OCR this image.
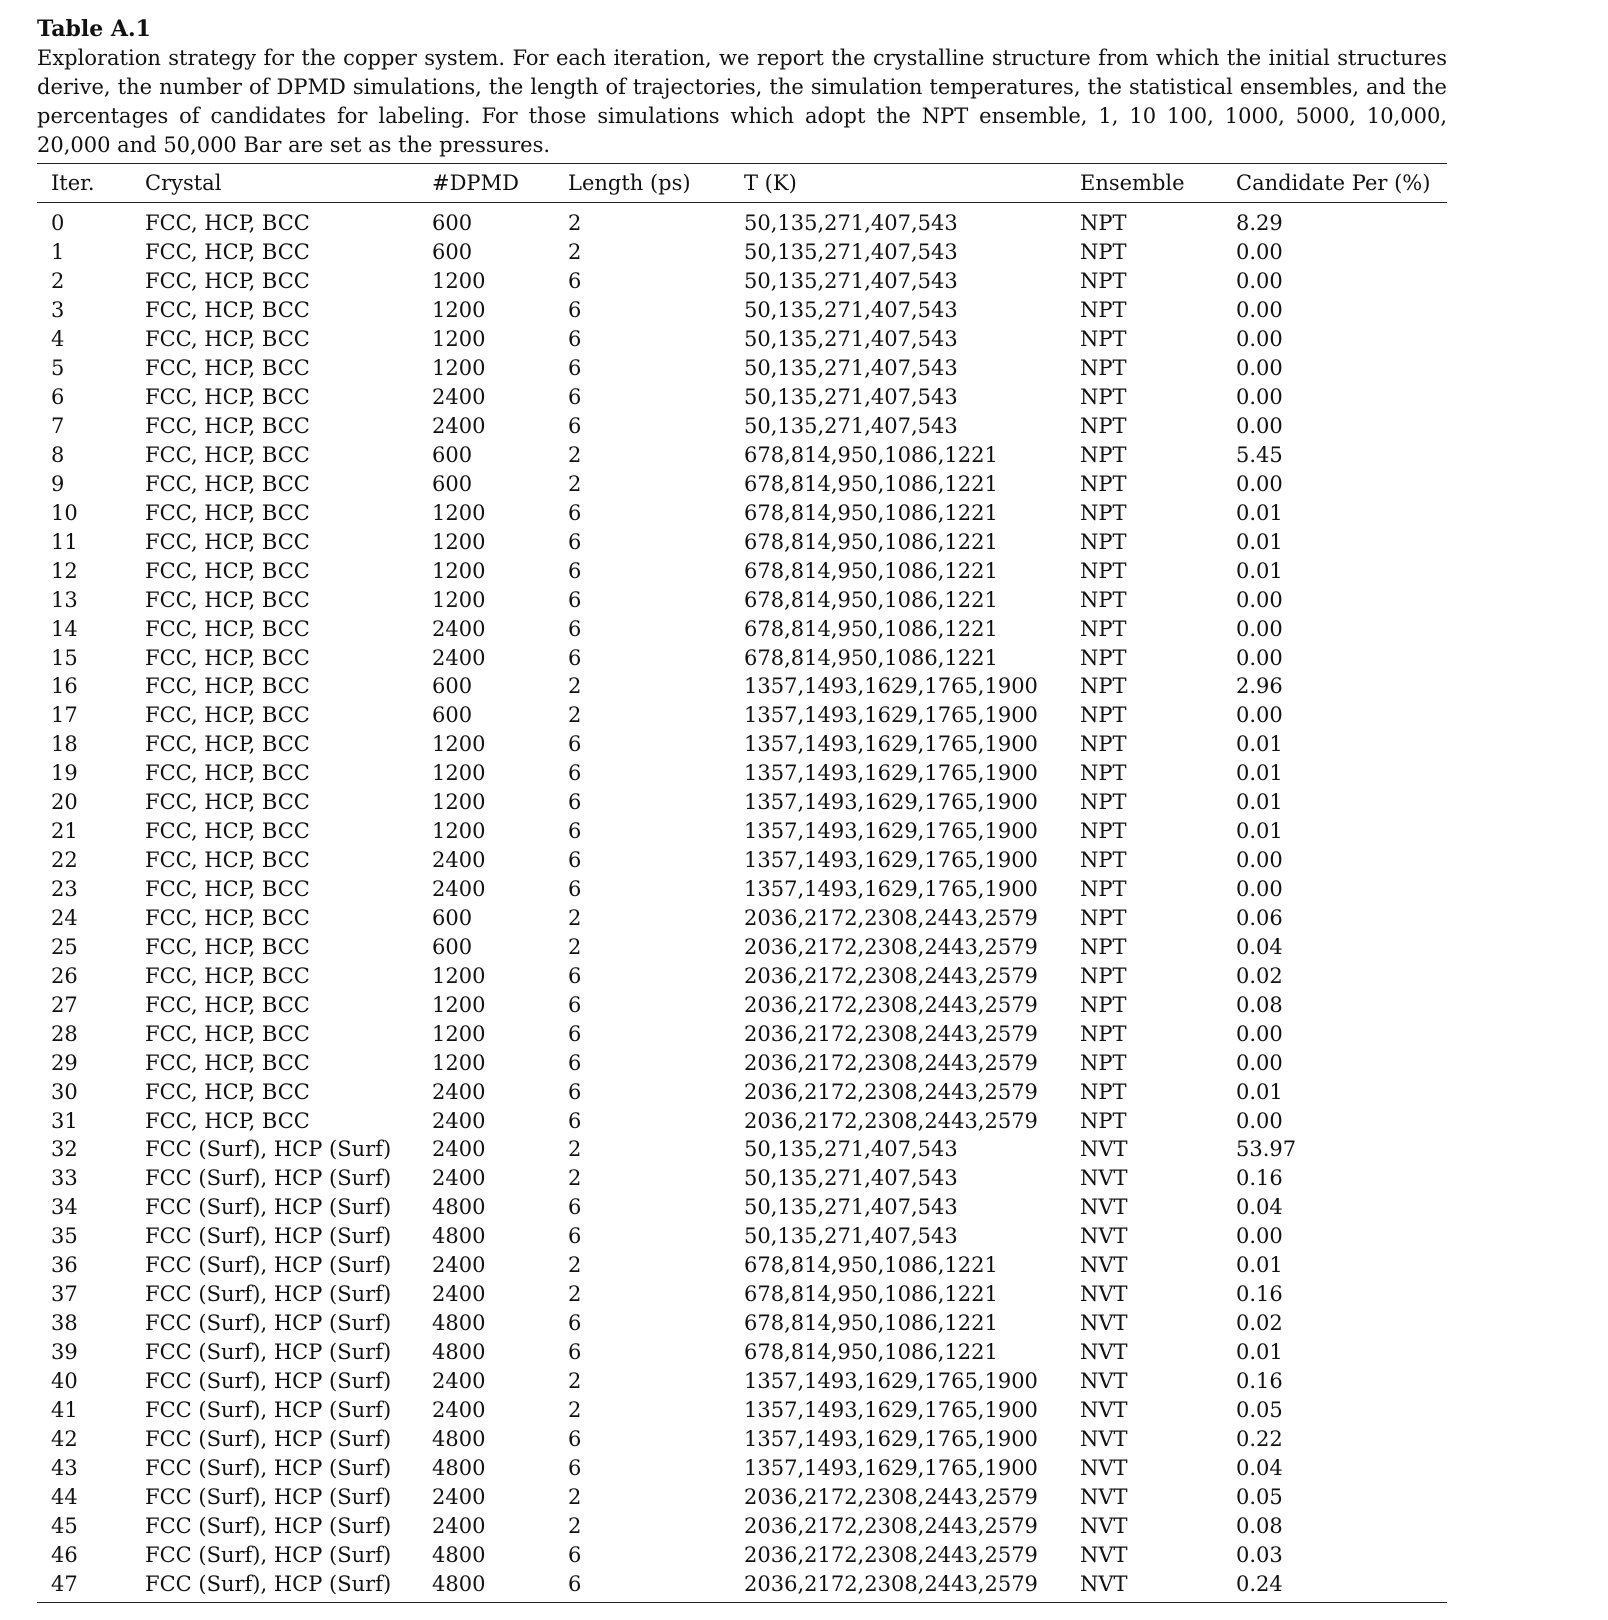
Table A.1

Exploration strategy for the copper system. For each iteration, we report the crystalline structure from which the initial structures derive, the number of DPMD simulations, the length of trajectories, the simulation temperatures, the statistical ensembles, and the percentages of candidates for labeling. For those simulations which adopt the NPT ensemble, 1, 10 100, 1000, 5000, 10,000, 20,000 and 50,000 Bar are set as the pressures.

Iter.	Crystal	#DPMD	Length (ps)	T (K)	Ensemble	Candidate Per (%)
0	FCC, HCP, BCC	600	2	50,135,271,407,543	NPT	8.29
1	FCC, HCP, BCC	600	2	50,135,271,407,543	NPT	0.00
2	FCC, HCP, BCC	1200	6	50,135,271,407,543	NPT	0.00
3	FCC, HCP, BCC	1200	6	50,135,271,407,543	NPT	0.00
4	FCC, HCP, BCC	1200	6	50,135,271,407,543	NPT	0.00
5	FCC, HCP, BCC	1200	6	50,135,271,407,543	NPT	0.00
6	FCC, HCP, BCC	2400	6	50,135,271,407,543	NPT	0.00
7	FCC, HCP, BCC	2400	6	50,135,271,407,543	NPT	0.00
8	FCC, HCP, BCC	600	2	678,814,950,1086,1221	NPT	5.45
9	FCC, HCP, BCC	600	2	678,814,950,1086,1221	NPT	0.00
10	FCC, HCP, BCC	1200	6	678,814,950,1086,1221	NPT	0.01
11	FCC, HCP, BCC	1200	6	678,814,950,1086,1221	NPT	0.01
12	FCC, HCP, BCC	1200	6	678,814,950,1086,1221	NPT	0.01
13	FCC, HCP, BCC	1200	6	678,814,950,1086,1221	NPT	0.00
14	FCC, HCP, BCC	2400	6	678,814,950,1086,1221	NPT	0.00
15	FCC, HCP, BCC	2400	6	678,814,950,1086,1221	NPT	0.00
16	FCC, HCP, BCC	600	2	1357,1493,1629,1765,1900	NPT	2.96
17	FCC, HCP, BCC	600	2	1357,1493,1629,1765,1900	NPT	0.00
18	FCC, HCP, BCC	1200	6	1357,1493,1629,1765,1900	NPT	0.01
19	FCC, HCP, BCC	1200	6	1357,1493,1629,1765,1900	NPT	0.01
20	FCC, HCP, BCC	1200	6	1357,1493,1629,1765,1900	NPT	0.01
21	FCC, HCP, BCC	1200	6	1357,1493,1629,1765,1900	NPT	0.01
22	FCC, HCP, BCC	2400	6	1357,1493,1629,1765,1900	NPT	0.00
23	FCC, HCP, BCC	2400	6	1357,1493,1629,1765,1900	NPT	0.00
24	FCC, HCP, BCC	600	2	2036,2172,2308,2443,2579	NPT	0.06
25	FCC, HCP, BCC	600	2	2036,2172,2308,2443,2579	NPT	0.04
26	FCC, HCP, BCC	1200	6	2036,2172,2308,2443,2579	NPT	0.02
27	FCC, HCP, BCC	1200	6	2036,2172,2308,2443,2579	NPT	0.08
28	FCC, HCP, BCC	1200	6	2036,2172,2308,2443,2579	NPT	0.00
29	FCC, HCP, BCC	1200	6	2036,2172,2308,2443,2579	NPT	0.00
30	FCC, HCP, BCC	2400	6	2036,2172,2308,2443,2579	NPT	0.01
31	FCC, HCP, BCC	2400	6	2036,2172,2308,2443,2579	NPT	0.00
32	FCC (Surf), HCP (Surf)	2400	2	50,135,271,407,543	NVT	53.97
33	FCC (Surf), HCP (Surf)	2400	2	50,135,271,407,543	NVT	0.16
34	FCC (Surf), HCP (Surf)	4800	6	50,135,271,407,543	NVT	0.04
35	FCC (Surf), HCP (Surf)	4800	6	50,135,271,407,543	NVT	0.00
36	FCC (Surf), HCP (Surf)	2400	2	678,814,950,1086,1221	NVT	0.01
37	FCC (Surf), HCP (Surf)	2400	2	678,814,950,1086,1221	NVT	0.16
38	FCC (Surf), HCP (Surf)	4800	6	678,814,950,1086,1221	NVT	0.02
39	FCC (Surf), HCP (Surf)	4800	6	678,814,950,1086,1221	NVT	0.01
40	FCC (Surf), HCP (Surf)	2400	2	1357,1493,1629,1765,1900	NVT	0.16
41	FCC (Surf), HCP (Surf)	2400	2	1357,1493,1629,1765,1900	NVT	0.05
42	FCC (Surf), HCP (Surf)	4800	6	1357,1493,1629,1765,1900	NVT	0.22
43	FCC (Surf), HCP (Surf)	4800	6	1357,1493,1629,1765,1900	NVT	0.04
44	FCC (Surf), HCP (Surf)	2400	2	2036,2172,2308,2443,2579	NVT	0.05
45	FCC (Surf), HCP (Surf)	2400	2	2036,2172,2308,2443,2579	NVT	0.08
46	FCC (Surf), HCP (Surf)	4800	6	2036,2172,2308,2443,2579	NVT	0.03
47	FCC (Surf), HCP (Surf)	4800	6	2036,2172,2308,2443,2579	NVT	0.24
